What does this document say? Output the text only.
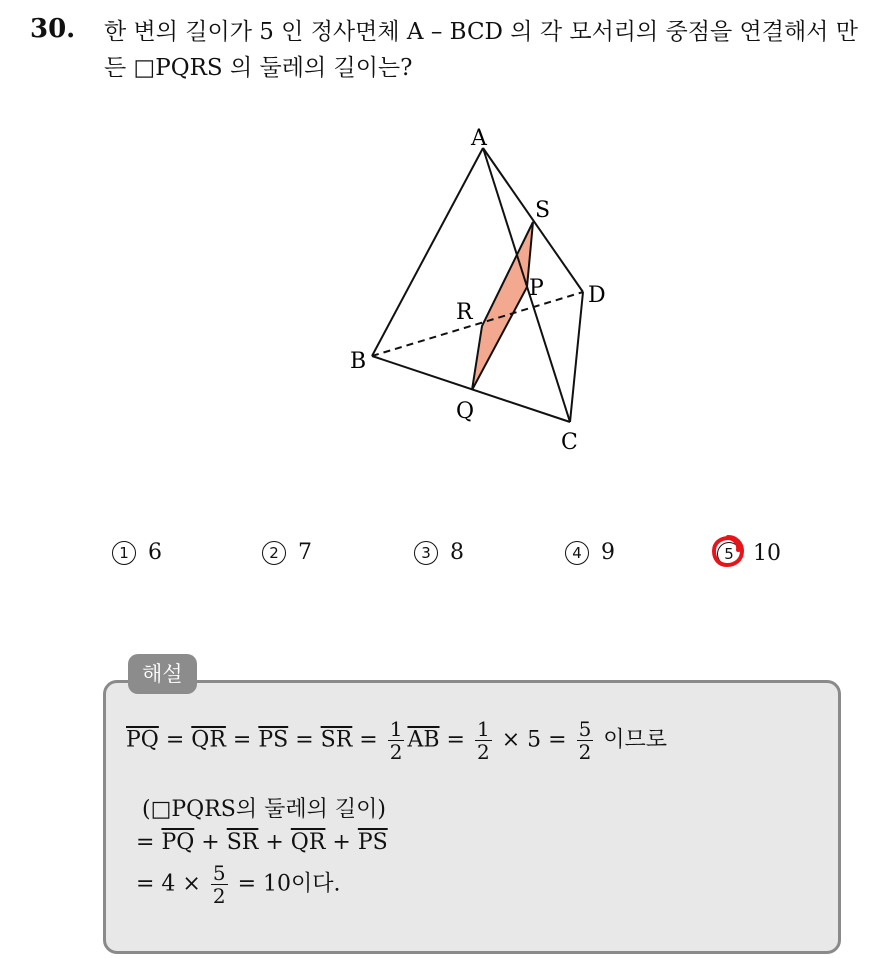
30. 한 변의 길이가 5 인 정사면체 A – BCD 의 각 모서리의 중점을 연결해서 만든 □PQRS 의 둘레의 길이는?
A
B
C
D
P
Q
R
S
1 6	2 7	3 8	4 9	5 10
해설
$\overline{PQ} = \overline{QR} = \overline{PS} = \overline{SR} = \frac{1}{2} \overline{AB} = \frac{1}{2} \times 5 = \frac{5}{2}$ 이므로
(□PQRS의 둘레의 길이)
= $\overline{PQ} + \overline{SR} + \overline{QR} + \overline{PS}$
= $4 \times \frac{5}{2} = 10$이다.
